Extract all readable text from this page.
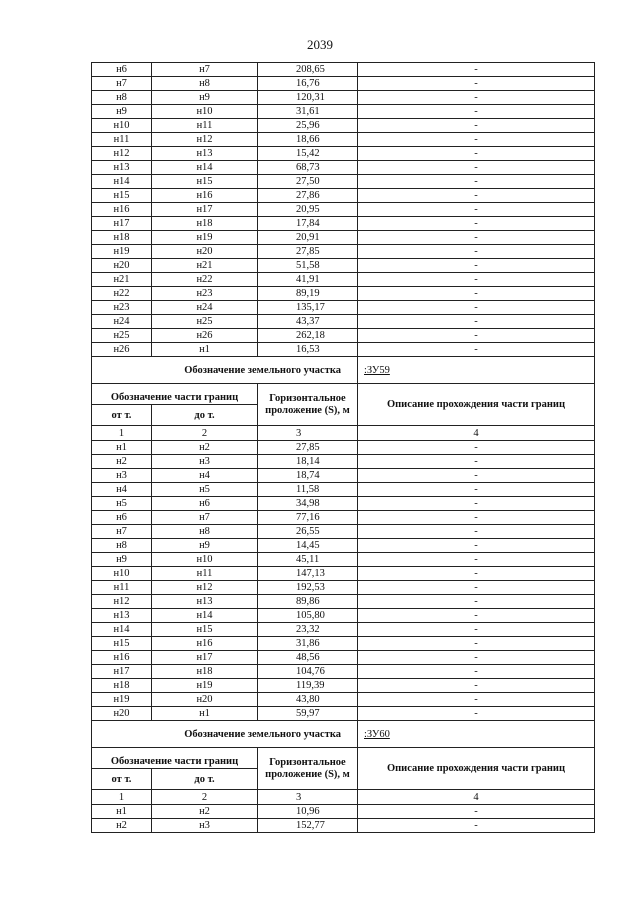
2039
н6	н7	208,65	-
н7	н8	16,76	-
н8	н9	120,31	-
н9	н10	31,61	-
н10	н11	25,96	-
н11	н12	18,66	-
н12	н13	15,42	-
н13	н14	68,73	-
н14	н15	27,50	-
н15	н16	27,86	-
н16	н17	20,95	-
н17	н18	17,84	-
н18	н19	20,91	-
н19	н20	27,85	-
н20	н21	51,58	-
н21	н22	41,91	-
н22	н23	89,19	-
н23	н24	135,17	-
н24	н25	43,37	-
н25	н26	262,18	-
н26	н1	16,53	-
Обозначение земельного участка			:ЗУ59
Обозначение части границ		Горизонтальное проложение (S), м	Описание прохождения части границ
от т.	до т.		
1	2	3	4
н1	н2	27,85	-
н2	н3	18,14	-
н3	н4	18,74	-
н4	н5	11,58	-
н5	н6	34,98	-
н6	н7	77,16	-
н7	н8	26,55	-
н8	н9	14,45	-
н9	н10	45,11	-
н10	н11	147,13	-
н11	н12	192,53	-
н12	н13	89,86	-
н13	н14	105,80	-
н14	н15	23,32	-
н15	н16	31,86	-
н16	н17	48,56	-
н17	н18	104,76	-
н18	н19	119,39	-
н19	н20	43,80	-
н20	н1	59,97	-
Обозначение земельного участка			:ЗУ60
Обозначение части границ		Горизонтальное проложение (S), м	Описание прохождения части границ
от т.	до т.		
1	2	3	4
н1	н2	10,96	-
н2	н3	152,77	-
